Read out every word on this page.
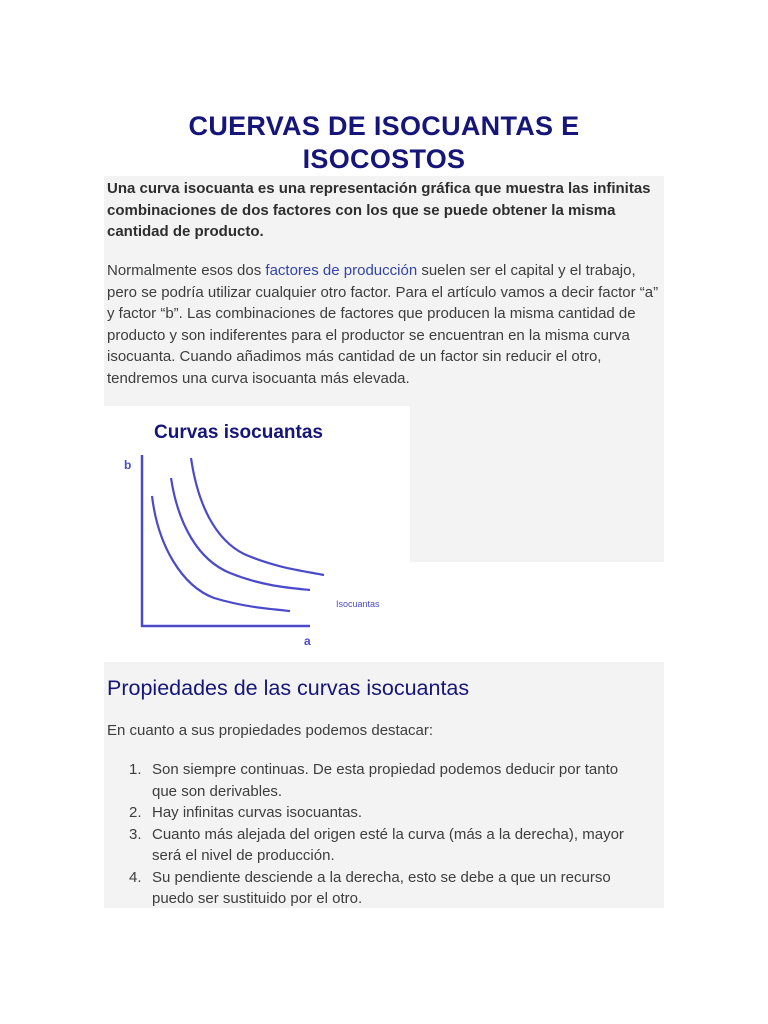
CUERVAS DE ISOCUANTAS E
ISOCOSTOS

Una curva isocuanta es una representación gráfica que muestra las infinitas combinaciones de dos factores con los que se puede obtener la misma cantidad de producto.

Normalmente esos dos factores de producción suelen ser el capital y el trabajo, pero se podría utilizar cualquier otro factor. Para el artículo vamos a decir factor “a” y factor “b”. Las combinaciones de factores que producen la misma cantidad de producto y son indiferentes para el productor se encuentran en la misma curva isocuanta. Cuando añadimos más cantidad de un factor sin reducir el otro, tendremos una curva isocuanta más elevada.

Curvas isocuantas
b
Isocuantas
a
Propiedades de las curvas isocuantas

En cuanto a sus propiedades podemos destacar:

1. Son siempre continuas. De esta propiedad podemos deducir por tanto que son derivables.
2. Hay infinitas curvas isocuantas.
3. Cuanto más alejada del origen esté la curva (más a la derecha), mayor será el nivel de producción.
4. Su pendiente desciende a la derecha, esto se debe a que un recurso puedo ser sustituido por el otro.
